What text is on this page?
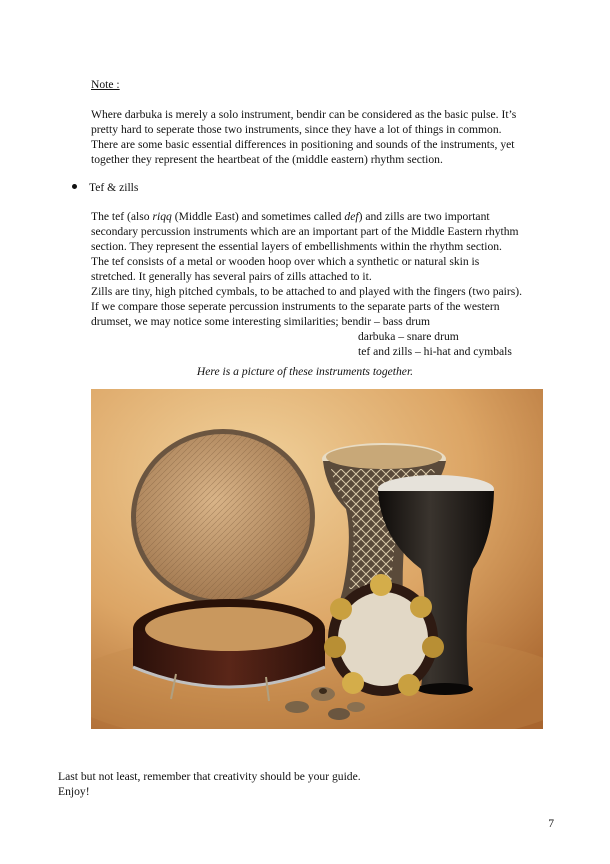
Note :
Where darbuka is merely a solo instrument, bendir can be considered as the basic pulse. It’s
pretty hard to seperate those two instruments, since they have a lot of things in common.
There are some basic essential differences in positioning and sounds of the instruments, yet
together they represent the heartbeat of the (middle eastern) rhythm section.
Tef & zills
The tef (also riqq (Middle East) and sometimes called def) and zills are two important
secondary percussion instruments which are an important part of the Middle Eastern rhythm
section. They represent the essential layers of embellishments within the rhythm section.
The tef consists of a metal or wooden hoop over which a synthetic or natural skin is
stretched. It generally has several pairs of zills attached to it.
Zills are tiny, high pitched cymbals, to be attached to and played with the fingers (two pairs).
If we compare those seperate percussion instruments to the separate parts of the western
drumset, we may notice some interesting similarities; bendir – bass drum
darbuka – snare drum
tef and zills – hi-hat and cymbals
Here is a picture of these instruments together.
Last but not least, remember that creativity should be your guide.
Enjoy!
7
